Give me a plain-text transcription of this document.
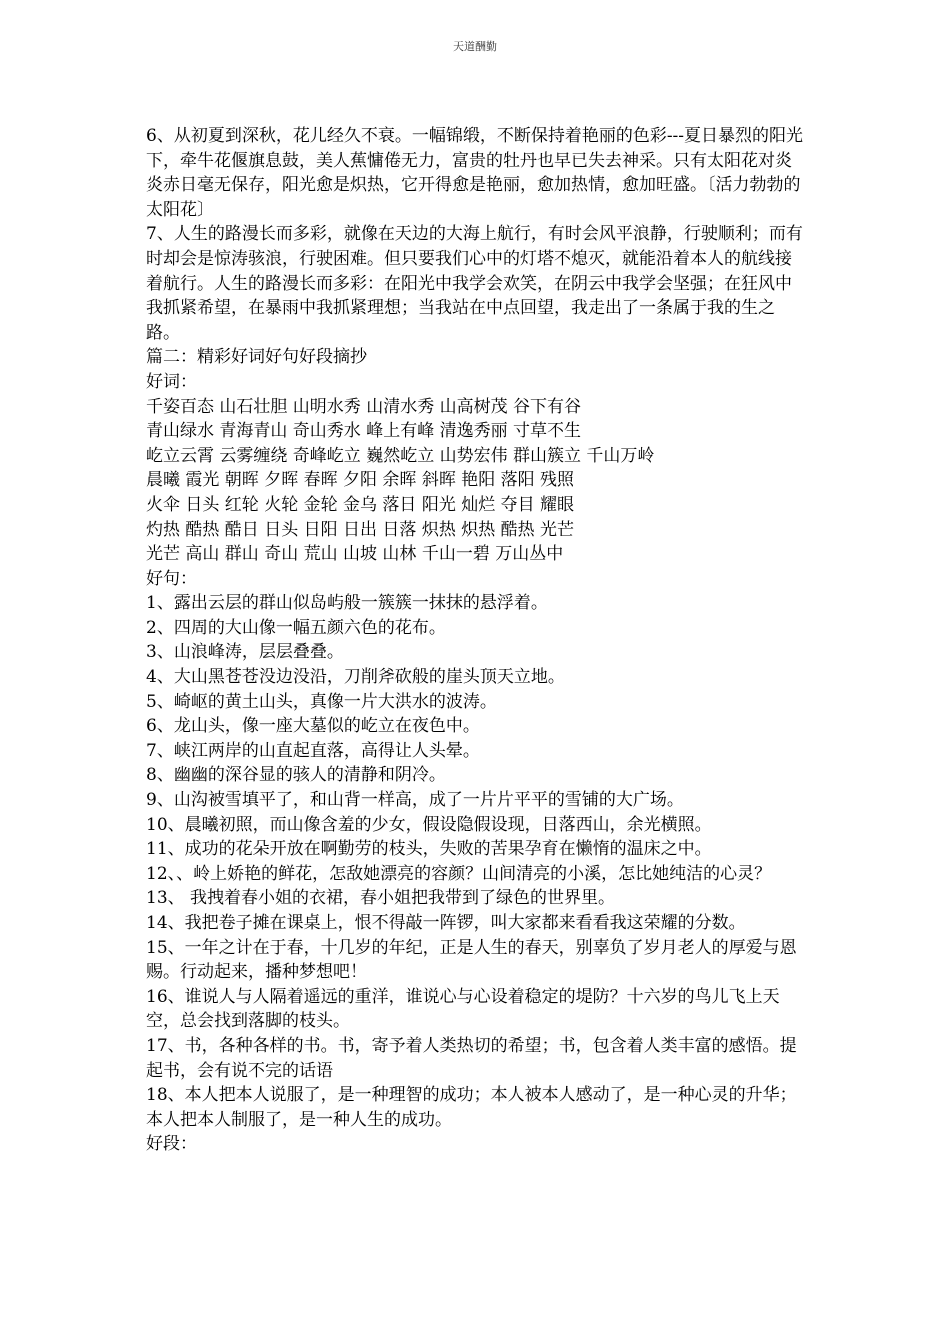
天道酬勤

6、从初夏到深秋，花儿经久不衰。一幅锦缎，不断保持着艳丽的色彩---夏日暴烈的阳光下，牵牛花偃旗息鼓，美人蕉慵倦无力，富贵的牡丹也早已失去神采。只有太阳花对炎炎赤日毫无保存，阳光愈是炽热，它开得愈是艳丽，愈加热情，愈加旺盛。〔活力勃勃的太阳花〕

7、人生的路漫长而多彩，就像在天边的大海上航行，有时会风平浪静，行驶顺利；而有时却会是惊涛骇浪，行驶困难。但只要我们心中的灯塔不熄灭，就能沿着本人的航线接着航行。人生的路漫长而多彩：在阳光中我学会欢笑，在阴云中我学会坚强；在狂风中我抓紧希望，在暴雨中我抓紧理想；当我站在中点回望，我走出了一条属于我的生之路。

篇二：精彩好词好句好段摘抄

好词：

千姿百态 山石壮胆 山明水秀 山清水秀 山高树茂 谷下有谷

青山绿水 青海青山 奇山秀水 峰上有峰 清逸秀丽 寸草不生

屹立云霄 云雾缠绕 奇峰屹立 巍然屹立 山势宏伟 群山簇立 千山万岭

晨曦 霞光 朝晖 夕晖 春晖 夕阳 余晖 斜晖 艳阳 落阳 残照

火伞 日头 红轮 火轮 金轮 金乌 落日 阳光 灿烂 夺目 耀眼

灼热 酷热 酷日 日头 日阳 日出 日落 炽热 炽热 酷热 光芒

光芒 高山 群山 奇山 荒山 山坡 山林 千山一碧 万山丛中

好句：

1、露出云层的群山似岛屿般一簇簇一抹抹的悬浮着。

2、四周的大山像一幅五颜六色的花布。

3、山浪峰涛，层层叠叠。

4、大山黑苍苍没边没沿，刀削斧砍般的崖头顶天立地。

5、崎岖的黄土山头，真像一片大洪水的波涛。

6、龙山头，像一座大墓似的屹立在夜色中。

7、峡江两岸的山直起直落，高得让人头晕。

8、幽幽的深谷显的骇人的清静和阴冷。

9、山沟被雪填平了，和山背一样高，成了一片片平平的雪铺的大广场。

10、晨曦初照，而山像含羞的少女，假设隐假设现，日落西山，余光横照。

11、成功的花朵开放在啊勤劳的枝头，失败的苦果孕育在懒惰的温床之中。

12、、岭上娇艳的鲜花，怎敌她漂亮的容颜？山间清亮的小溪，怎比她纯洁的心灵？

13、 我拽着春小姐的衣裙，春小姐把我带到了绿色的世界里。

14、我把卷子摊在课桌上，恨不得敲一阵锣，叫大家都来看看我这荣耀的分数。

15、一年之计在于春，十几岁的年纪，正是人生的春天，别辜负了岁月老人的厚爱与恩赐。行动起来，播种梦想吧！

16、谁说人与人隔着遥远的重洋，谁说心与心设着稳定的堤防？十六岁的鸟儿飞上天空，总会找到落脚的枝头。

17、书，各种各样的书。书，寄予着人类热切的希望；书，包含着人类丰富的感悟。提起书，会有说不完的话语

18、本人把本人说服了，是一种理智的成功；本人被本人感动了，是一种心灵的升华；本人把本人制服了，是一种人生的成功。

好段：
